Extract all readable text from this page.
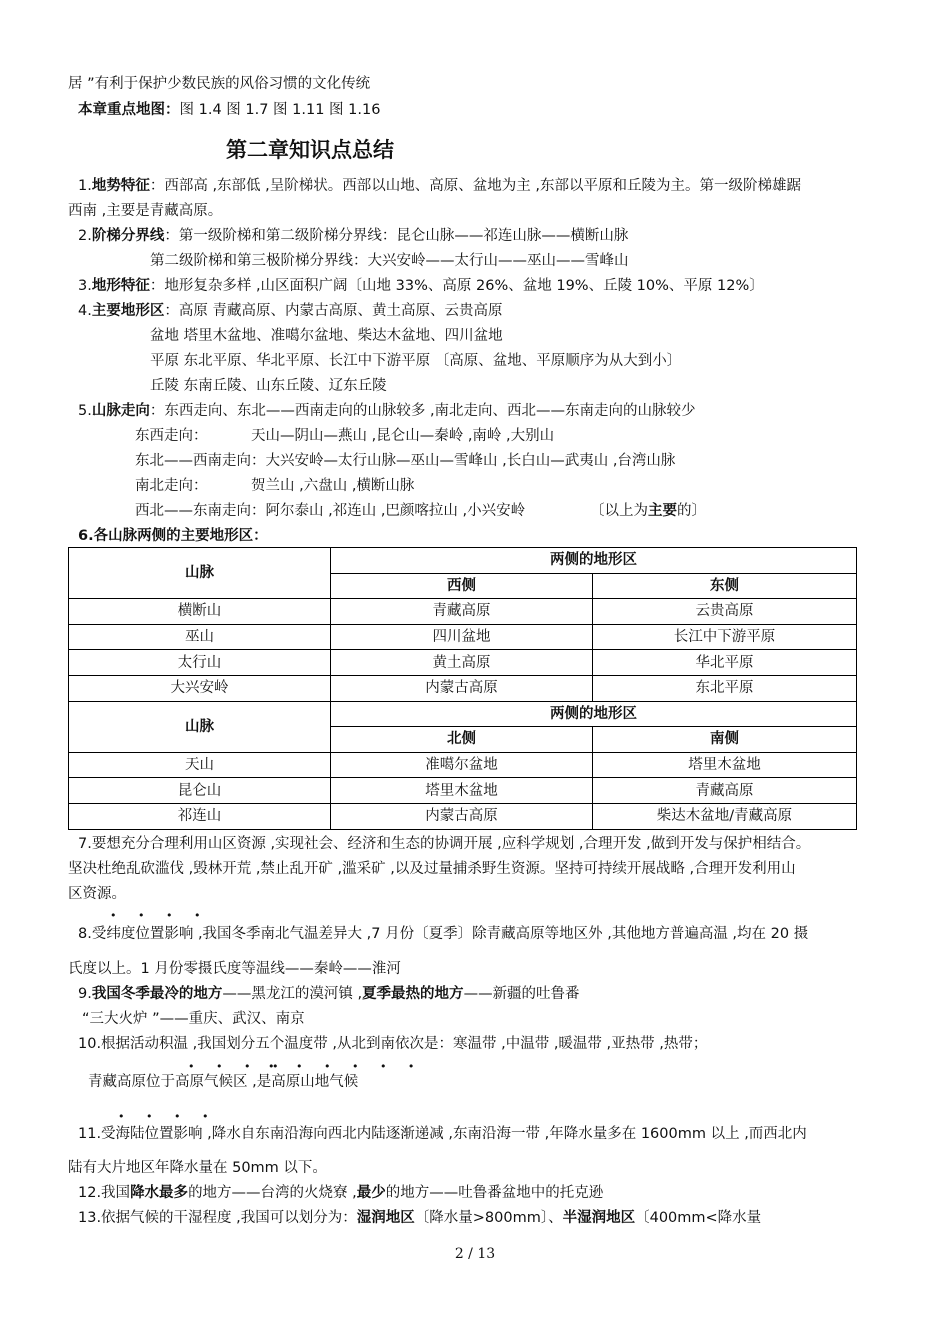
居 ”有利于保护少数民族的风俗习惯的文化传统
本章重点地图：图 1.4 图 1.7 图 1.11 图 1.16
第二章知识点总结
1.地势特征：西部高 ,东部低 ,呈阶梯状。西部以山地、高原、盆地为主 ,东部以平原和丘陵为主。第一级阶梯雄踞
西南 ,主要是青藏高原。
2.阶梯分界线：第一级阶梯和第二级阶梯分界线：昆仑山脉——祁连山脉——横断山脉
第二级阶梯和第三极阶梯分界线：大兴安岭——太行山——巫山——雪峰山
3.地形特征：地形复杂多样 ,山区面积广阔〔山地 33%、高原 26%、盆地 19%、丘陵 10%、平原 12%〕
4.主要地形区：高原 青藏高原、内蒙古高原、黄土高原、云贵高原
盆地 塔里木盆地、准噶尔盆地、柴达木盆地、四川盆地
平原 东北平原、华北平原、长江中下游平原 〔高原、盆地、平原顺序为从大到小〕
丘陵 东南丘陵、山东丘陵、辽东丘陵
5.山脉走向：东西走向、东北——西南走向的山脉较多 ,南北走向、西北——东南走向的山脉较少
东西走向：	天山—阴山—燕山 ,昆仑山—秦岭 ,南岭 ,大别山
东北——西南走向：大兴安岭—太行山脉—巫山—雪峰山 ,长白山—武夷山 ,台湾山脉
南北走向：	贺兰山 ,六盘山 ,横断山脉
西北——东南走向：阿尔泰山 ,祁连山 ,巴颜喀拉山 ,小兴安岭	〔以上为主要的〕
6.各山脉两侧的主要地形区：
山脉	两侧的地形区	
	西侧	东侧
横断山	青藏高原	云贵高原
巫山	四川盆地	长江中下游平原
太行山	黄土高原	华北平原
大兴安岭	内蒙古高原	东北平原
山脉	两侧的地形区	
	北侧	南侧
天山	准噶尔盆地	塔里木盆地
昆仑山	塔里木盆地	青藏高原
祁连山	内蒙古高原	柴达木盆地/青藏高原
7.要想充分合理利用山区资源 ,实现社会、经济和生态的协调开展 ,应科学规划 ,合理开发 ,做到开发与保护相结合。
坚决杜绝乱砍滥伐 ,毁林开荒 ,禁止乱开矿 ,滥采矿 ,以及过量捕杀野生资源。坚持可持续开展战略 ,合理开发利用山
区资源。
• • • •
8.受纬度位置影响 ,我国冬季南北气温差异大 ,7 月份〔夏季〕除青藏高原等地区外 ,其他地方普遍高温 ,均在 20 摄
氏度以上。1 月份零摄氏度等温线——秦岭——淮河
9.我国冬季最冷的地方——黑龙江的漠河镇 ,夏季最热的地方——新疆的吐鲁番
“三大火炉 ”——重庆、武汉、南京
10.根据活动积温 ,我国划分五个温度带 ,从北到南依次是：寒温带 ,中温带 ,暖温带 ,亚热带 ,热带；
• • • •
• • • • • •
青藏高原位于高原气候区 ,是高原山地气候
• • • •
11.受海陆位置影响 ,降水自东南沿海向西北内陆逐渐递减 ,东南沿海一带 ,年降水量多在 1600mm 以上 ,而西北内
陆有大片地区年降水量在 50mm 以下。
12.我国降水最多的地方——台湾的火烧寮 ,最少的地方——吐鲁番盆地中的托克逊
13.依据气候的干湿程度 ,我国可以划分为：湿润地区〔降水量>800mm〕、半湿润地区〔400mm<降水量
2 / 13
